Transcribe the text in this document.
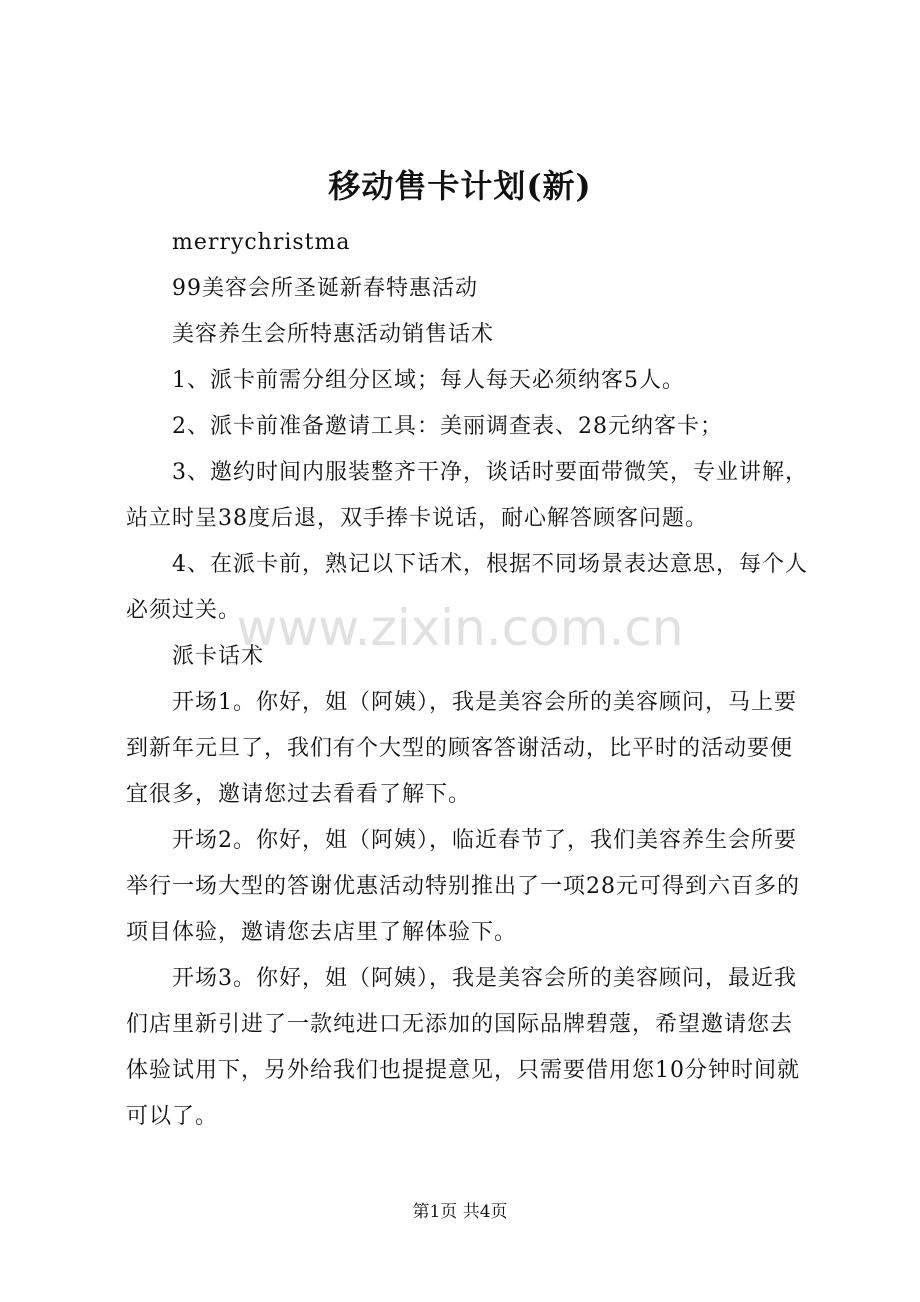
移动售卡计划(新)

merrychristma

99美容会所圣诞新春特惠活动

美容养生会所特惠活动销售话术

1、派卡前需分组分区域；每人每天必须纳客5人。

2、派卡前准备邀请工具：美丽调查表、28元纳客卡；

3、邀约时间内服装整齐干净，谈话时要面带微笑，专业讲解，站立时呈38度后退，双手捧卡说话，耐心解答顾客问题。

4、在派卡前，熟记以下话术，根据不同场景表达意思，每个人必须过关。

派卡话术

开场1。你好，姐（阿姨），我是美容会所的美容顾问，马上要到新年元旦了，我们有个大型的顾客答谢活动，比平时的活动要便宜很多，邀请您过去看看了解下。

开场2。你好，姐（阿姨），临近春节了，我们美容养生会所要举行一场大型的答谢优惠活动特别推出了一项28元可得到六百多的项目体验，邀请您去店里了解体验下。

开场3。你好，姐（阿姨），我是美容会所的美容顾问，最近我们店里新引进了一款纯进口无添加的国际品牌碧蔻，希望邀请您去体验试用下，另外给我们也提提意见，只需要借用您10分钟时间就可以了。

www.zixin.com.cn
第1页 共4页
